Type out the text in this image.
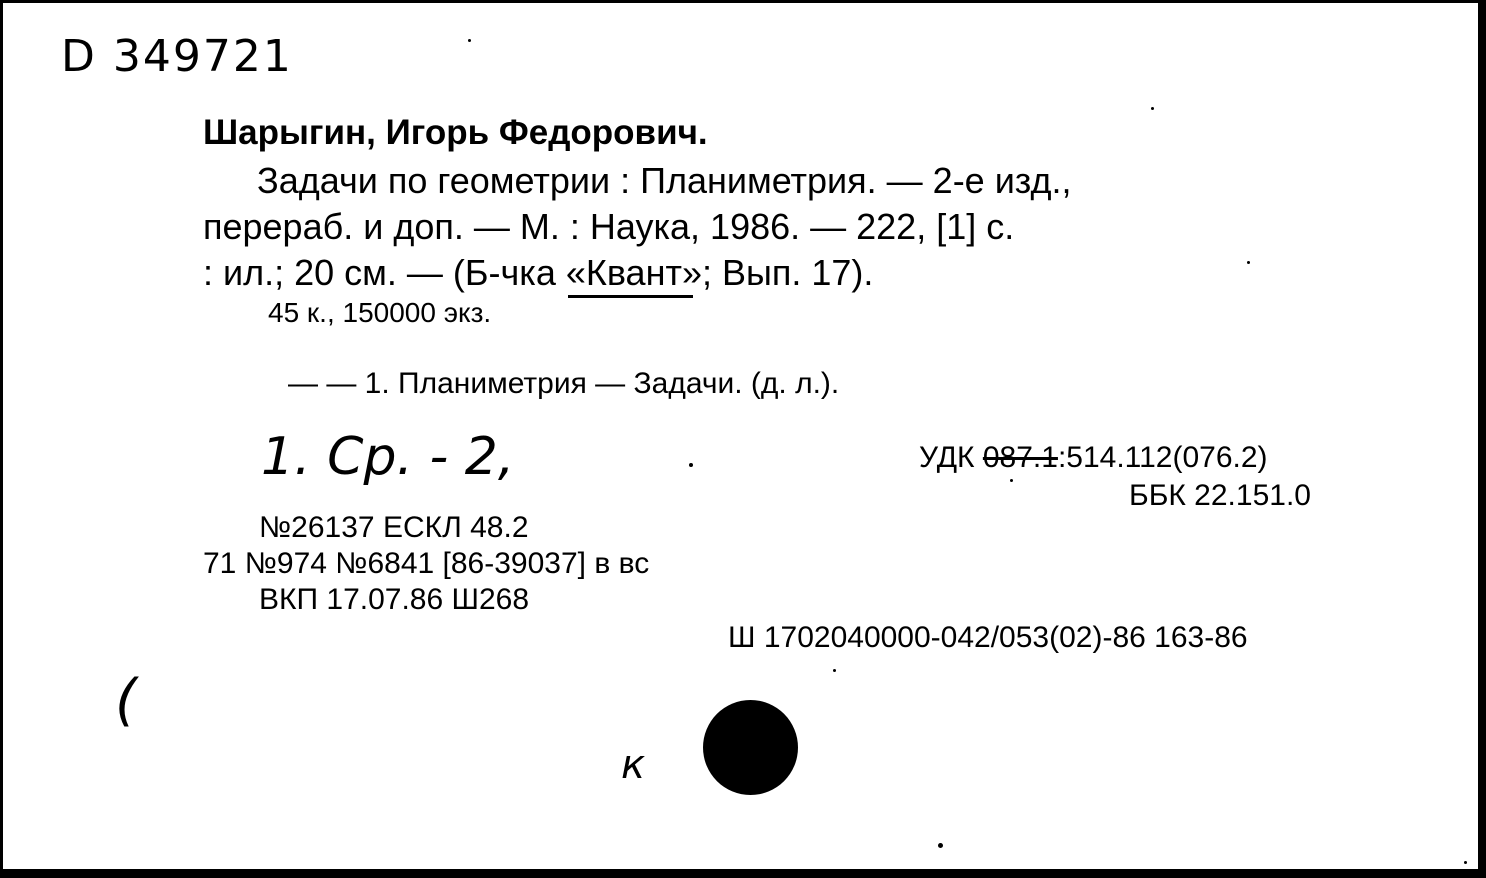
D 349721
Шарыгин, Игорь Федорович.
Задачи по геометрии : Планиметрия. — 2-е изд.,
перераб. и доп. — М. : Наука, 1986. — 222, [1] с.
: ил.; 20 см. — (Б-чка «Квант»; Вып. 17).
45 к., 150000 экз.
— — 1. Планиметрия — Задачи. (д. л.).
1. Ср. - 2,	УДК 087.1:514.112(076.2)
ББК 22.151.0
№26137 ЕСКЛ 48.2
71 №974 №6841 [86-39037] в вс
ВКП 17.07.86 Ш268
Ш 1702040000-042/053(02)-86 163-86
(
к
